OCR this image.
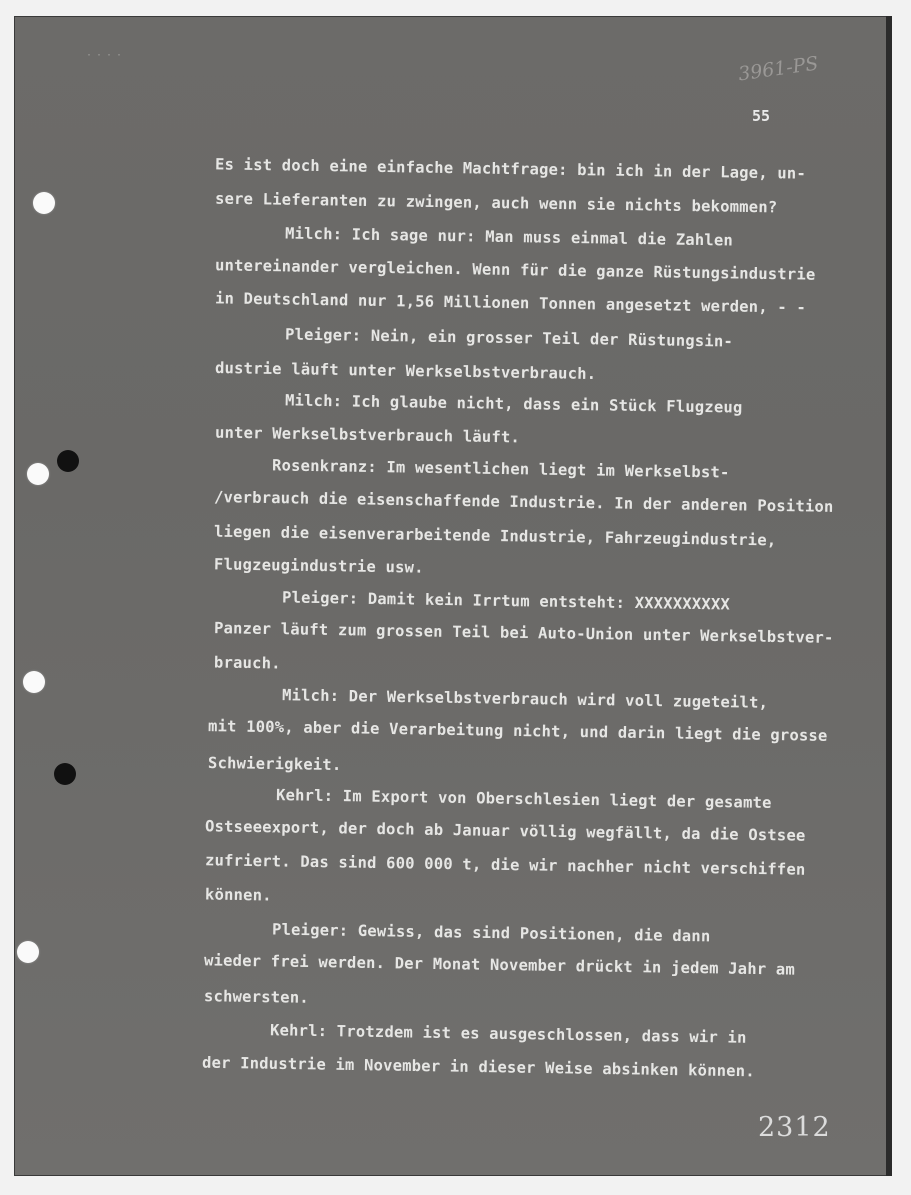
····	3961-PS
55
Es ist doch eine einfache Machtfrage: bin ich in der Lage, un-
sere Lieferanten zu zwingen, auch wenn sie nichts bekommen?
Milch: Ich sage nur: Man muss einmal die Zahlen
untereinander vergleichen. Wenn für die ganze Rüstungsindustrie
in Deutschland nur 1,56 Millionen Tonnen angesetzt werden, - -
Pleiger: Nein, ein grosser Teil der Rüstungsin-
dustrie läuft unter Werkselbstverbrauch.
Milch: Ich glaube nicht, dass ein Stück Flugzeug
unter Werkselbstverbrauch läuft.
Rosenkranz: Im wesentlichen liegt im Werkselbst-
/verbrauch die eisenschaffende Industrie. In der anderen Position
liegen die eisenverarbeitende Industrie, Fahrzeugindustrie,
Flugzeugindustrie usw.
Pleiger: Damit kein Irrtum entsteht: XXXXXXXXXX
Panzer läuft zum grossen Teil bei Auto-Union unter Werkselbstver-
brauch.
Milch: Der Werkselbstverbrauch wird voll zugeteilt,
mit 100%, aber die Verarbeitung nicht, und darin liegt die grosse
Schwierigkeit.
Kehrl: Im Export von Oberschlesien liegt der gesamte
Ostseeexport, der doch ab Januar völlig wegfällt, da die Ostsee
zufriert. Das sind 600 000 t, die wir nachher nicht verschiffen
können.
Pleiger: Gewiss, das sind Positionen, die dann
wieder frei werden. Der Monat November drückt in jedem Jahr am
schwersten.
Kehrl: Trotzdem ist es ausgeschlossen, dass wir in
der Industrie im November in dieser Weise absinken können.
2312
